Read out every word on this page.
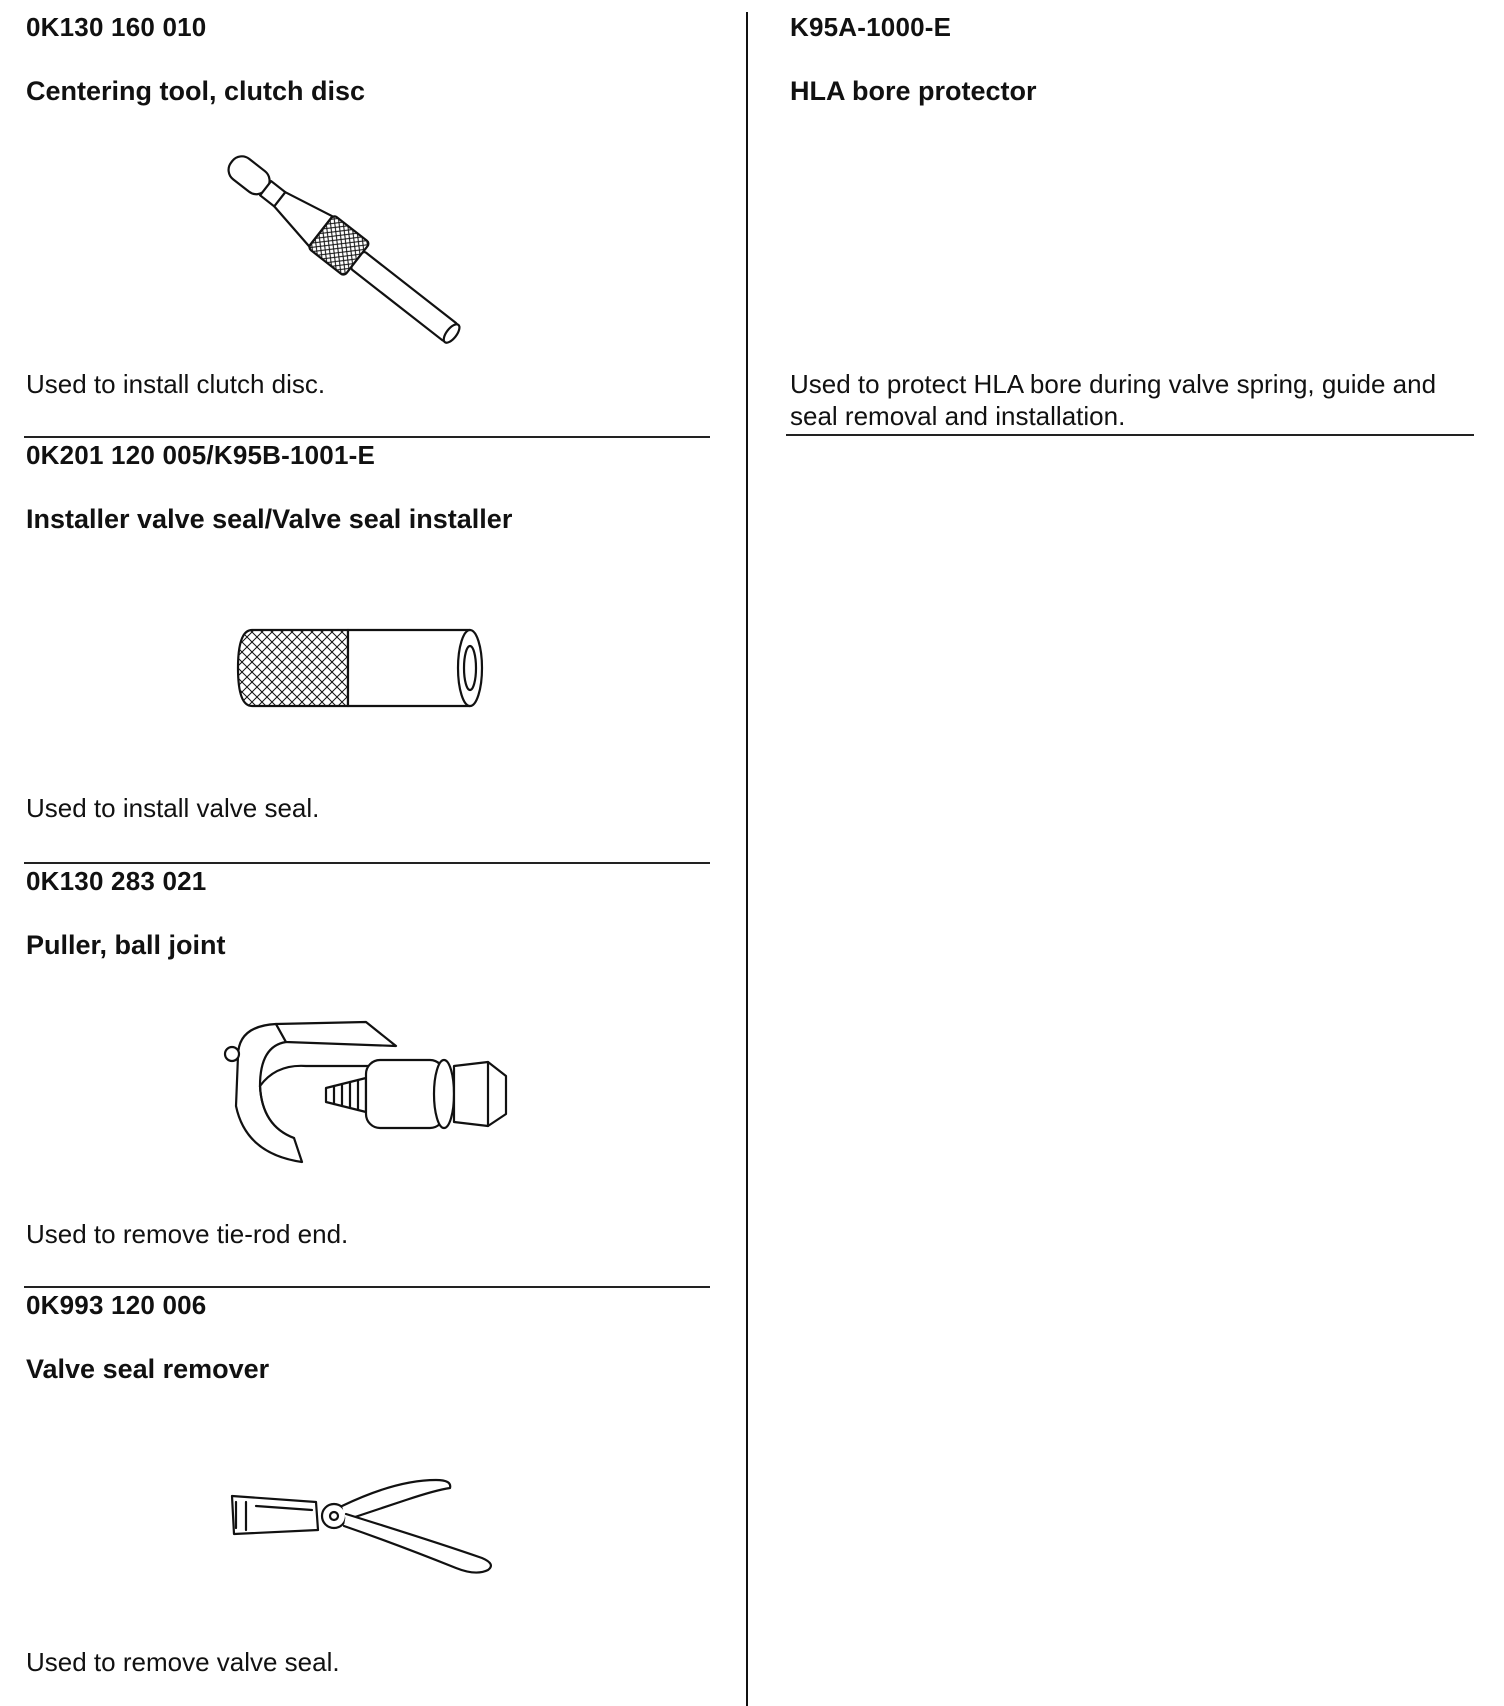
0K130 160 010
Centering tool, clutch disc
Used to install clutch disc.
0K201 120 005/K95B-1001-E
Installer valve seal/Valve seal installer
Used to install valve seal.
0K130 283 021
Puller, ball joint
Used to remove tie-rod end.
0K993 120 006
Valve seal remover
Used to remove valve seal.
K95A-1000-E
HLA bore protector
Used to protect HLA bore during valve spring, guide and seal removal and installation.
